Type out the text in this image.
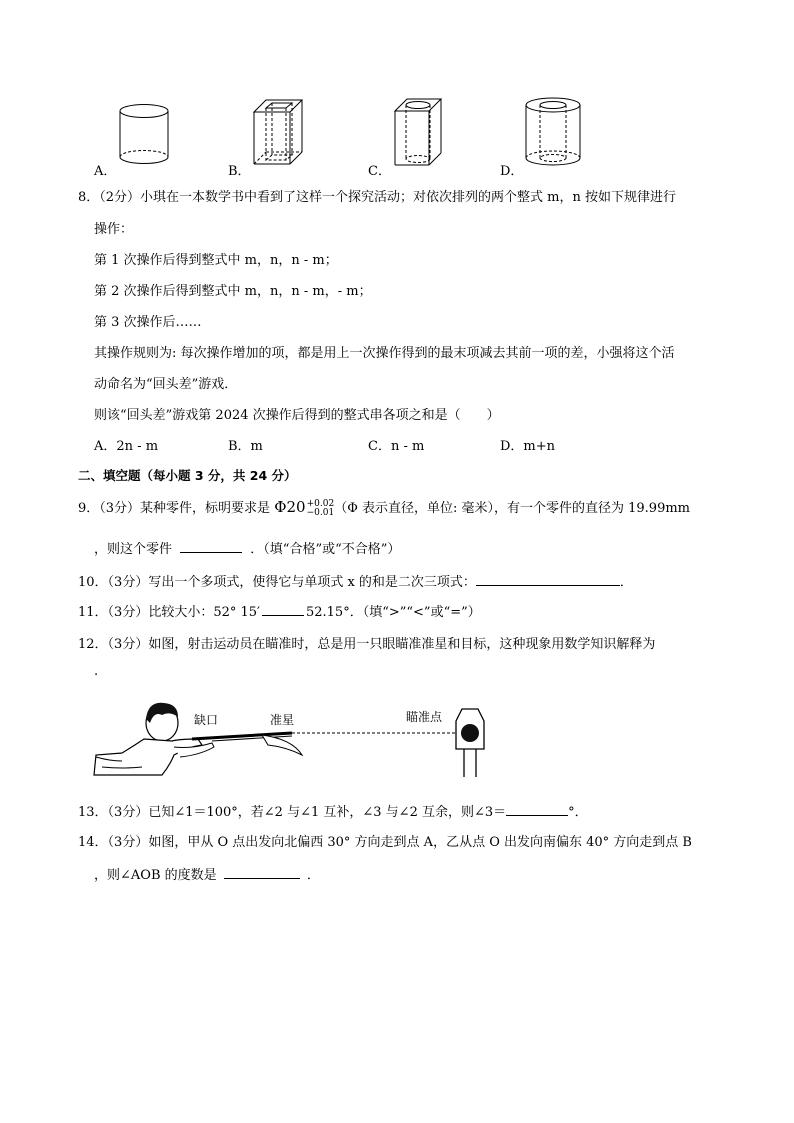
A．	B．	C．	D．
8．（2分）小琪在一本数学书中看到了这样一个探究活动；对依次排列的两个整式 m，n 按如下规律进行
操作：
第 1 次操作后得到整式中 m，n，n - m；
第 2 次操作后得到整式中 m，n，n - m，- m；
第 3 次操作后……
其操作规则为: 每次操作增加的项，都是用上一次操作得到的最末项减去其前一项的差，小强将这个活
动命名为“回头差”游戏．
则该“回头差”游戏第 2024 次操作后得到的整式串各项之和是（　　）
A．2n - m	B．m	C．n - m	D．m+n
二、填空题（每小题 3 分，共 24 分）
9．（3分）某种零件，标明要求是 Φ20+0.02
−0.01（Φ 表示直径，单位: 毫米），有一个零件的直径为 19.99mm
，则这个零件	．（填“合格”或“不合格”）
10．（3分）写出一个多项式，使得它与单项式 x 的和是二次三项式：	．
11．（3分）比较大小：52° 15′	52.15°．（填“>”“<”或“=”）
12．（3分）如图，射击运动员在瞄准时，总是用一只眼瞄准准星和目标，这种现象用数学知识解释为
.
缺口	准星	瞄准点
13．（3分）已知∠1＝100°，若∠2 与∠1 互补，∠3 与∠2 互余，则∠3＝	°．
14．（3分）如图，甲从 O 点出发向北偏西 30° 方向走到点 A，乙从点 O 出发向南偏东 40° 方向走到点 B
，则∠AOB 的度数是	．
